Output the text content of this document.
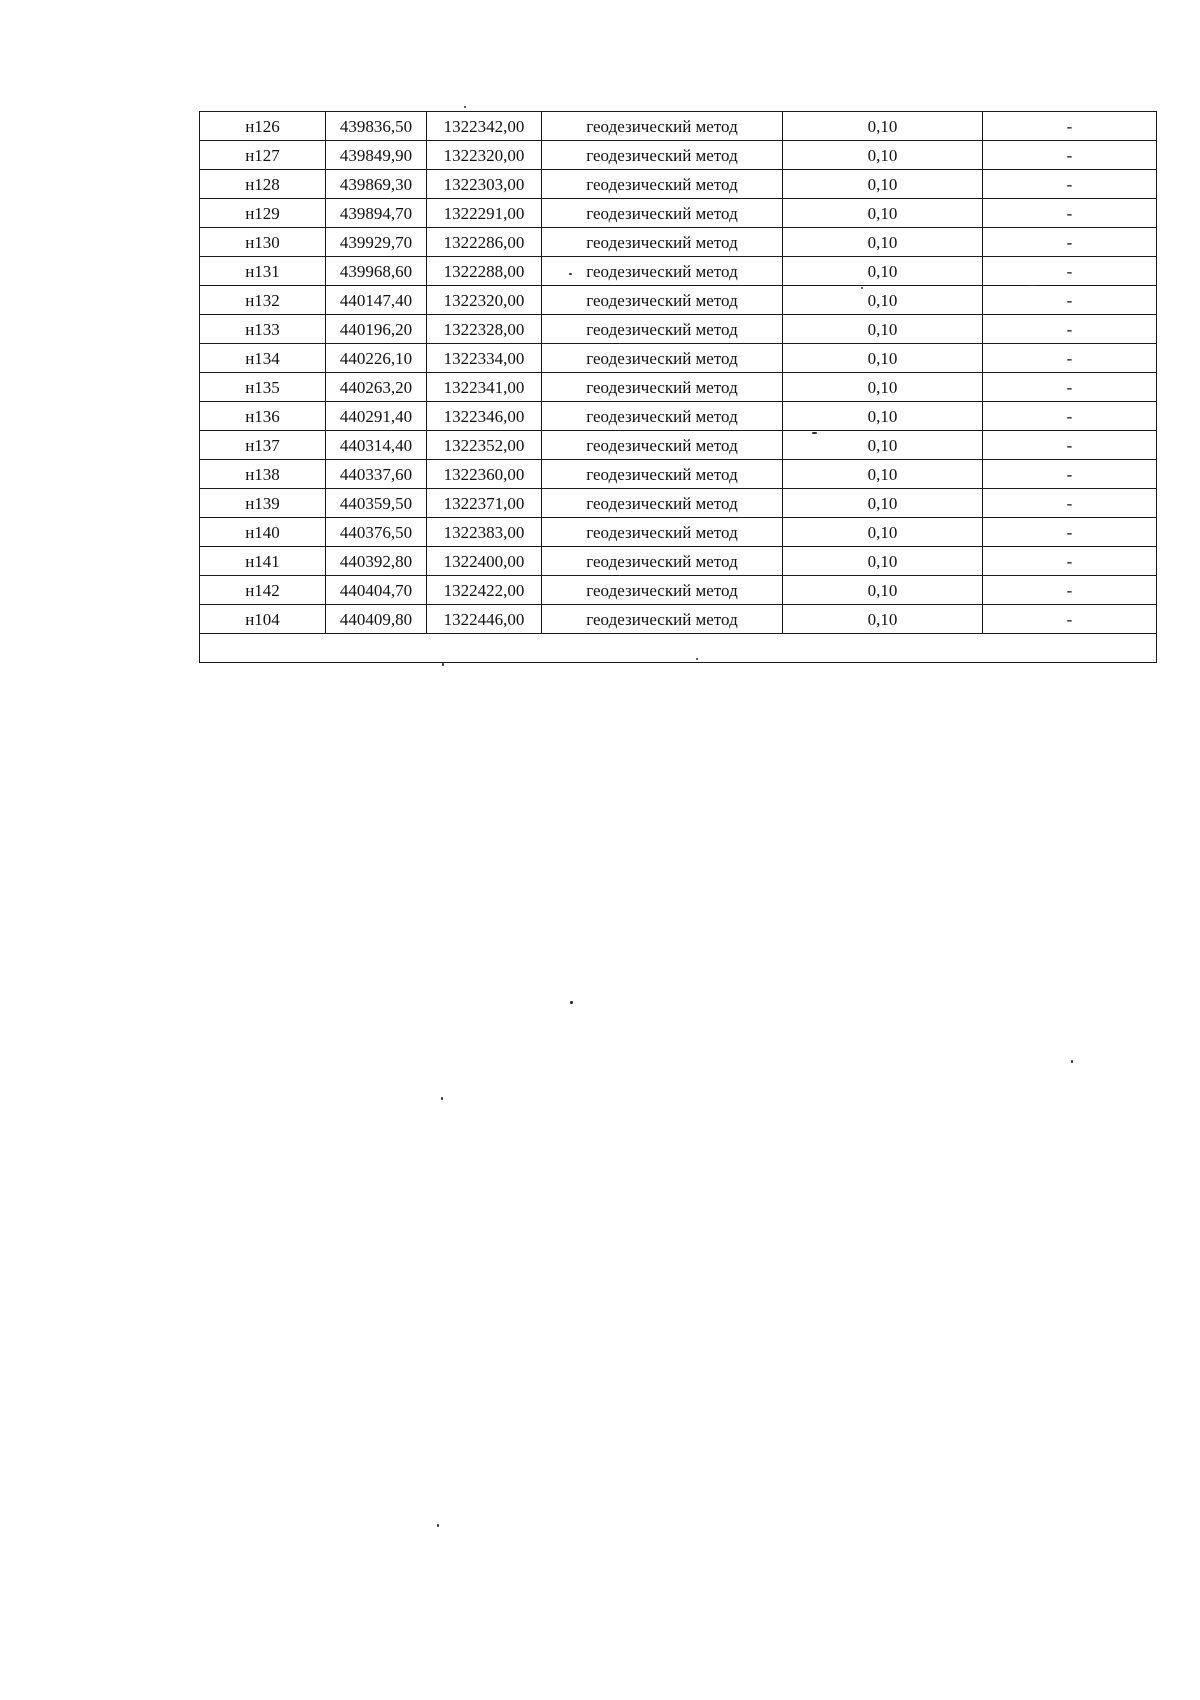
н126	439836,50	1322342,00	геодезический метод	0,10	-
н127	439849,90	1322320,00	геодезический метод	0,10	-
н128	439869,30	1322303,00	геодезический метод	0,10	-
н129	439894,70	1322291,00	геодезический метод	0,10	-
н130	439929,70	1322286,00	геодезический метод	0,10	-
н131	439968,60	1322288,00	геодезический метод	0,10	-
н132	440147,40	1322320,00	геодезический метод	0,10	-
н133	440196,20	1322328,00	геодезический метод	0,10	-
н134	440226,10	1322334,00	геодезический метод	0,10	-
н135	440263,20	1322341,00	геодезический метод	0,10	-
н136	440291,40	1322346,00	геодезический метод	0,10	-
н137	440314,40	1322352,00	геодезический метод	0,10	-
н138	440337,60	1322360,00	геодезический метод	0,10	-
н139	440359,50	1322371,00	геодезический метод	0,10	-
н140	440376,50	1322383,00	геодезический метод	0,10	-
н141	440392,80	1322400,00	геодезический метод	0,10	-
н142	440404,70	1322422,00	геодезический метод	0,10	-
н104	440409,80	1322446,00	геодезический метод	0,10	-
